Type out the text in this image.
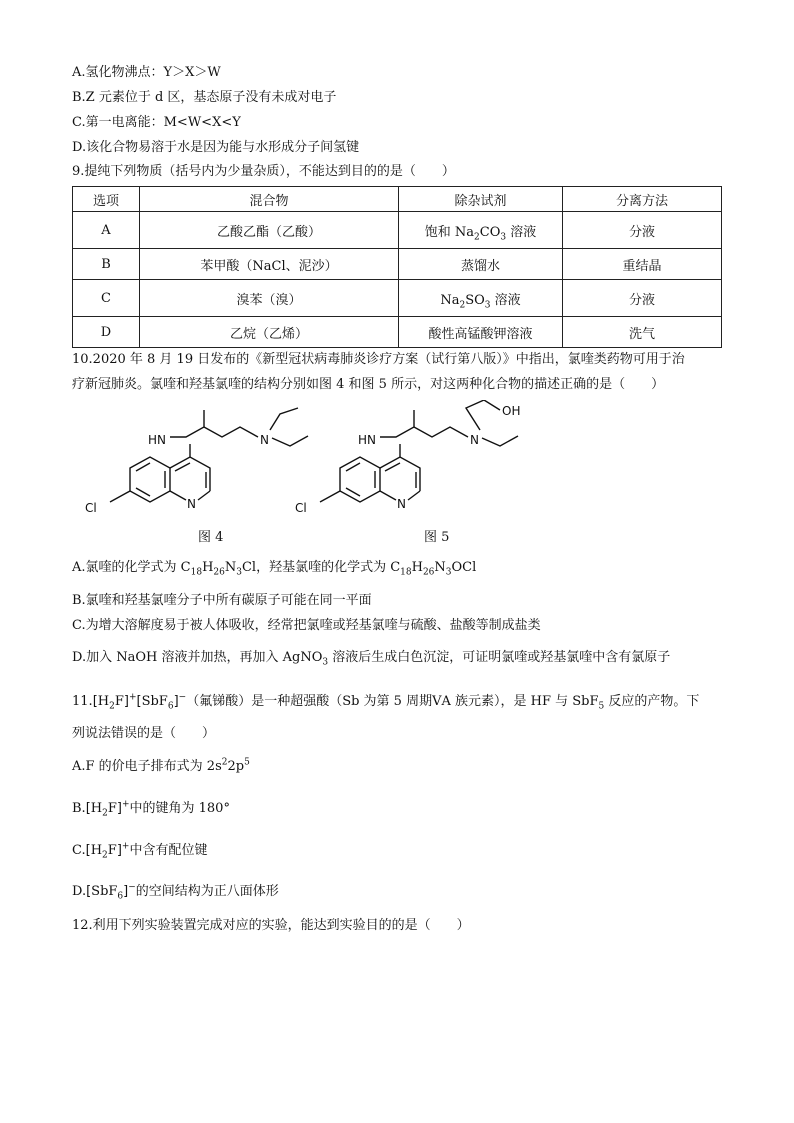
A.氢化物沸点：Y＞X＞W
B.Z 元素位于 d 区，基态原子没有未成对电子
C.第一电离能：M<W<X<Y
D.该化合物易溶于水是因为能与水形成分子间氢键
9.提纯下列物质（括号内为少量杂质），不能达到目的的是（　　）
选项	混合物	除杂试剂	分离方法
A	乙酸乙酯（乙酸）	饱和 $Na_2CO_3$ 溶液	分液
B	苯甲酸（NaCl、泥沙）	蒸馏水	重结晶
C	溴苯（溴）	$Na_2SO_3$ 溶液	分液
D	乙烷（乙烯）	酸性高锰酸钾溶液	洗气
10.2020 年 8 月 19 日发布的《新型冠状病毒肺炎诊疗方案（试行第八版）》中指出，氯喹类药物可用于治
疗新冠肺炎。氯喹和羟基氯喹的结构分别如图 4 和图 5 所示，对这两种化合物的描述正确的是（　　）
N
Cl
HN	N
图 4
N
Cl
HN	N
OH
图 5
A.氯喹的化学式为 $C_{18}H_{26}N_3Cl$，羟基氯喹的化学式为 $C_{18}H_{26}N_3OCl$
B.氯喹和羟基氯喹分子中所有碳原子可能在同一平面
C.为增大溶解度易于被人体吸收，经常把氯喹或羟基氯喹与硫酸、盐酸等制成盐类
D.加入 NaOH 溶液并加热，再加入 AgNO$_3$ 溶液后生成白色沉淀，可证明氯喹或羟基氯喹中含有氯原子
$11.[H_2F]^+[SbF_6]^-$（氟锑酸）是一种超强酸（Sb 为第 5 周期ⅤA 族元素），是 HF 与 SbF$_5$ 反应的产物。下
列说法错误的是（　　）
A.F 的价电子排布式为 $2s^22p^5$
$B.[H_2F]^+$中的键角为 180°
$C.[H_2F]^+$中含有配位键
D.[SbF$_6$]−的空间结构为正八面体形
12.利用下列实验装置完成对应的实验，能达到实验目的的是（　　）
